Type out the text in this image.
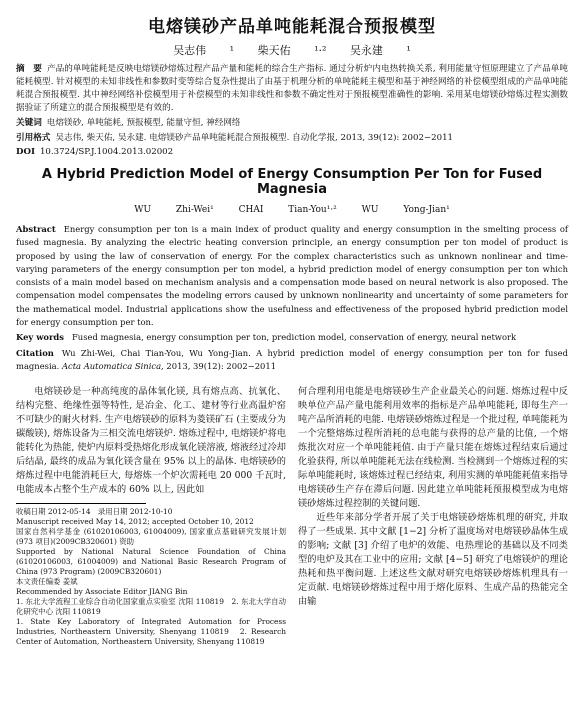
电熔镁砂产品单吨能耗混合预报模型
吴志伟 ¹ 柴天佑 ¹·² 吴永建 ¹
摘　要 产品的单吨能耗是反映电熔镁砂熔炼过程产品产量和能耗的综合生产指标. 通过分析炉内电热转换关系, 利用能量守恒原理建立了产品单吨能耗模型. 针对模型的未知非线性和参数时变等综合复杂性提出了由基于机理分析的单吨能耗主模型和基于神经网络的补偿模型组成的产品单吨能耗混合预报模型. 其中神经网络补偿模型用于补偿模型的未知非线性和参数不确定性对于预报模型准确性的影响. 采用某电熔镁砂熔炼过程实测数据验证了所建立的混合预报模型是有效的.
关键词 电熔镁砂, 单吨能耗, 预报模型, 能量守恒, 神经网络
引用格式 吴志伟, 柴天佑, 吴永建. 电熔镁砂产品单吨能耗混合预报模型. 自动化学报, 2013, 39(12): 2002−2011
DOI 10.3724/SP.J.1004.2013.02002
A Hybrid Prediction Model of Energy Consumption Per Ton for Fused Magnesia
WU Zhi-Wei¹ CHAI Tian-You¹·² WU Yong-Jian¹
Abstract Energy consumption per ton is a main index of product quality and energy consumption in the smelting process of fused magnesia. By analyzing the electric heating conversion principle, an energy consumption per ton model of product is proposed by using the law of conservation of energy. For the complex characteristics such as unknown nonlinear and time-varying parameters of the energy consumption per ton model, a hybrid prediction model of energy consumption per ton which consists of a main model based on mechanism analysis and a compensation mode based on neural network is also proposed. The compensation model compensates the modeling errors caused by unknown nonlinearity and uncertainty of some parameters for the mathematical model. Industrial applications show the usefulness and effectiveness of the proposed hybrid prediction model for energy consumption per ton.
Key words Fused magnesia, energy consumption per ton, prediction model, conservation of energy, neural network
Citation Wu Zhi-Wei, Chai Tian-You, Wu Yong-Jian. A hybrid prediction model of energy consumption per ton for fused magnesia. Acta Automatica Sinica, 2013, 39(12): 2002−2011

电熔镁砂是一种高纯度的晶体氧化镁, 具有熔点高、抗氧化、结构完整、绝缘性强等特性, 是冶金、化工、建材等行业高温炉窑不可缺少的耐火材料. 生产电熔镁砂的原料为菱镁矿石 (主要成分为碳酸镁), 熔炼设备为三相交流电熔镁炉. 熔炼过程中, 电熔镁炉将电能转化为热能, 使炉内原料受热熔化形成氧化镁溶液, 熔液经过冷却后结晶, 最终的成品为氧化镁含量在 95% 以上的晶体. 电熔镁砂的熔炼过程中电能消耗巨大, 每熔炼一个炉次需耗电 20 000 千瓦时, 电能成本占整个生产成本的 60% 以上, 因此如

收稿日期 2012-05-14　录用日期 2012-10-10
Manuscript received May 14, 2012; accepted October 10, 2012
国家自然科学基金 (61020106003, 61004009), 国家重点基础研究发展计划 (973 项目)(2009CB320601) 资助
Supported by National Natural Science Foundation of China (61020106003, 61004009) and National Basic Research Program of China (973 Program) (2009CB320601)
本文责任编委 姜斌
Recommended by Associate Editor JIANG Bin
1. 东北大学流程工业综合自动化国家重点实验室 沈阳 110819　2. 东北大学自动化研究中心 沈阳 110819
1. State Key Laboratory of Integrated Automation for Process Industries, Northeastern University, Shenyang 110819　2. Research Center of Automation, Northeastern University, Shenyang 110819

何合理利用电能是电熔镁砂生产企业最关心的问题. 熔炼过程中反映单位产品产量电能利用效率的指标是产品单吨能耗, 即每生产一吨产品所消耗的电能. 电熔镁砂熔炼过程是一个批过程, 单吨能耗为一个完整熔炼过程所消耗的总电能与获得的总产量的比值, 一个熔炼批次对应一个单吨能耗值. 由于产量只能在熔炼过程结束后通过化验获得, 所以单吨能耗无法在线检测. 当检测到一个熔炼过程的实际单吨能耗时, 该熔炼过程已经结束, 利用实测的单吨能耗值来指导电熔镁砂生产存在滞后问题. 因此建立单吨能耗预报模型成为电熔镁砂熔炼过程控制的关键问题.

近些年来部分学者开展了关于电熔镁砂熔炼机理的研究, 并取得了一些成果. 其中文献 [1−2] 分析了温度场对电熔镁砂晶体生成的影响; 文献 [3] 介绍了电炉的效能、电热理论的基础以及不同类型的电炉及其在工业中的应用; 文献 [4−5] 研究了电熔镁炉的理论热耗和热平衡问题. 上述这些文献对研究电熔镁砂熔炼机理具有一定贡献. 电熔镁砂熔炼过程中用于熔化原料、生成产品的热能完全由输
